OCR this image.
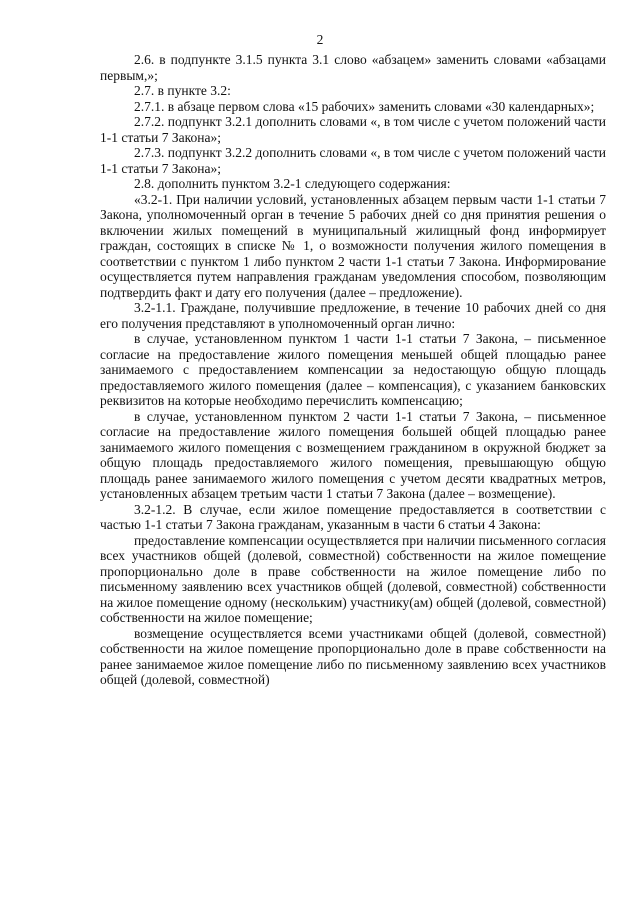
2

2.6. в подпункте 3.1.5 пункта 3.1 слово «абзацем» заменить словами «абзацами первым,»;

2.7. в пункте 3.2:

2.7.1. в абзаце первом слова «15 рабочих» заменить словами «30 календарных»;

2.7.2. подпункт 3.2.1 дополнить словами «, в том числе с учетом положений части 1-1 статьи 7 Закона»;

2.7.3. подпункт 3.2.2 дополнить словами «, в том числе с учетом положений части 1-1 статьи 7 Закона»;

2.8. дополнить пунктом 3.2-1 следующего содержания:

«3.2-1. При наличии условий, установленных абзацем первым части 1-1 статьи 7 Закона, уполномоченный орган в течение 5 рабочих дней со дня принятия решения о включении жилых помещений в муниципальный жилищный фонд информирует граждан, состоящих в списке № 1, о возможности получения жилого помещения в соответствии с пунктом 1 либо пунктом 2 части 1-1 статьи 7 Закона. Информирование осуществляется путем направления гражданам уведомления способом, позволяющим подтвердить факт и дату его получения (далее – предложение).

3.2-1.1. Граждане, получившие предложение, в течение 10 рабочих дней со дня его получения представляют в уполномоченный орган лично:

в случае, установленном пунктом 1 части 1-1 статьи 7 Закона, – письменное согласие на предоставление жилого помещения меньшей общей площадью ранее занимаемого с предоставлением компенсации за недостающую общую площадь предоставляемого жилого помещения (далее – компенсация), с указанием банковских реквизитов на которые необходимо перечислить компенсацию;

в случае, установленном пунктом 2 части 1-1 статьи 7 Закона, – письменное согласие на предоставление жилого помещения большей общей площадью ранее занимаемого жилого помещения с возмещением гражданином в окружной бюджет за общую площадь предоставляемого жилого помещения, превышающую общую площадь ранее занимаемого жилого помещения с учетом десяти квадратных метров, установленных абзацем третьим части 1 статьи 7 Закона (далее – возмещение).

3.2-1.2. В случае, если жилое помещение предоставляется в соответствии с частью 1-1 статьи 7 Закона гражданам, указанным в части 6 статьи 4 Закона:

предоставление компенсации осуществляется при наличии письменного согласия всех участников общей (долевой, совместной) собственности на жилое помещение пропорционально доле в праве собственности на жилое помещение либо по письменному заявлению всех участников общей (долевой, совместной) собственности на жилое помещение одному (нескольким) участнику(ам) общей (долевой, совместной) собственности на жилое помещение;

возмещение осуществляется всеми участниками общей (долевой, совместной) собственности на жилое помещение пропорционально доле в праве собственности на ранее занимаемое жилое помещение либо по письменному заявлению всех участников общей (долевой, совместной)
